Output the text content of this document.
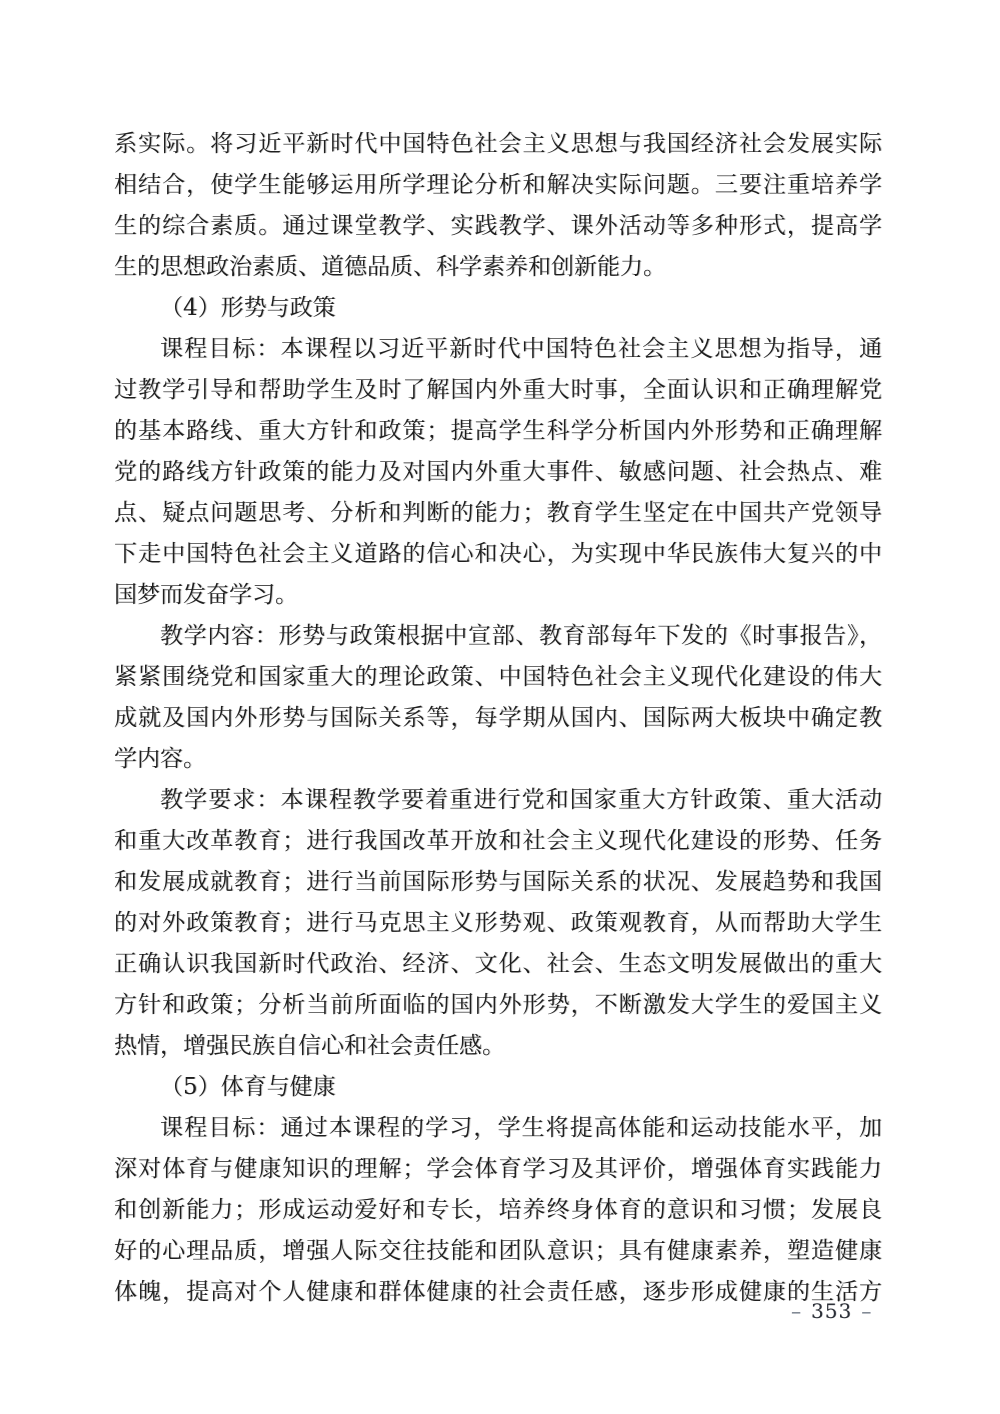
系实际。将习近平新时代中国特色社会主义思想与我国经济社会发展实际
相结合，使学生能够运用所学理论分析和解决实际问题。三要注重培养学
生的综合素质。通过课堂教学、实践教学、课外活动等多种形式，提高学
生的思想政治素质、道德品质、科学素养和创新能力。
（4）形势与政策
课程目标：本课程以习近平新时代中国特色社会主义思想为指导，通
过教学引导和帮助学生及时了解国内外重大时事，全面认识和正确理解党
的基本路线、重大方针和政策；提高学生科学分析国内外形势和正确理解
党的路线方针政策的能力及对国内外重大事件、敏感问题、社会热点、难
点、疑点问题思考、分析和判断的能力；教育学生坚定在中国共产党领导
下走中国特色社会主义道路的信心和决心，为实现中华民族伟大复兴的中
国梦而发奋学习。
教学内容：形势与政策根据中宣部、教育部每年下发的《时事报告》，
紧紧围绕党和国家重大的理论政策、中国特色社会主义现代化建设的伟大
成就及国内外形势与国际关系等，每学期从国内、国际两大板块中确定教
学内容。
教学要求：本课程教学要着重进行党和国家重大方针政策、重大活动
和重大改革教育；进行我国改革开放和社会主义现代化建设的形势、任务
和发展成就教育；进行当前国际形势与国际关系的状况、发展趋势和我国
的对外政策教育；进行马克思主义形势观、政策观教育，从而帮助大学生
正确认识我国新时代政治、经济、文化、社会、生态文明发展做出的重大
方针和政策；分析当前所面临的国内外形势，不断激发大学生的爱国主义
热情，增强民族自信心和社会责任感。
（5）体育与健康
课程目标：通过本课程的学习，学生将提高体能和运动技能水平，加
深对体育与健康知识的理解；学会体育学习及其评价，增强体育实践能力
和创新能力；形成运动爱好和专长，培养终身体育的意识和习惯；发展良
好的心理品质，增强人际交往技能和团队意识；具有健康素养，塑造健康
体魄，提高对个人健康和群体健康的社会责任感，逐步形成健康的生活方
– 353 –
